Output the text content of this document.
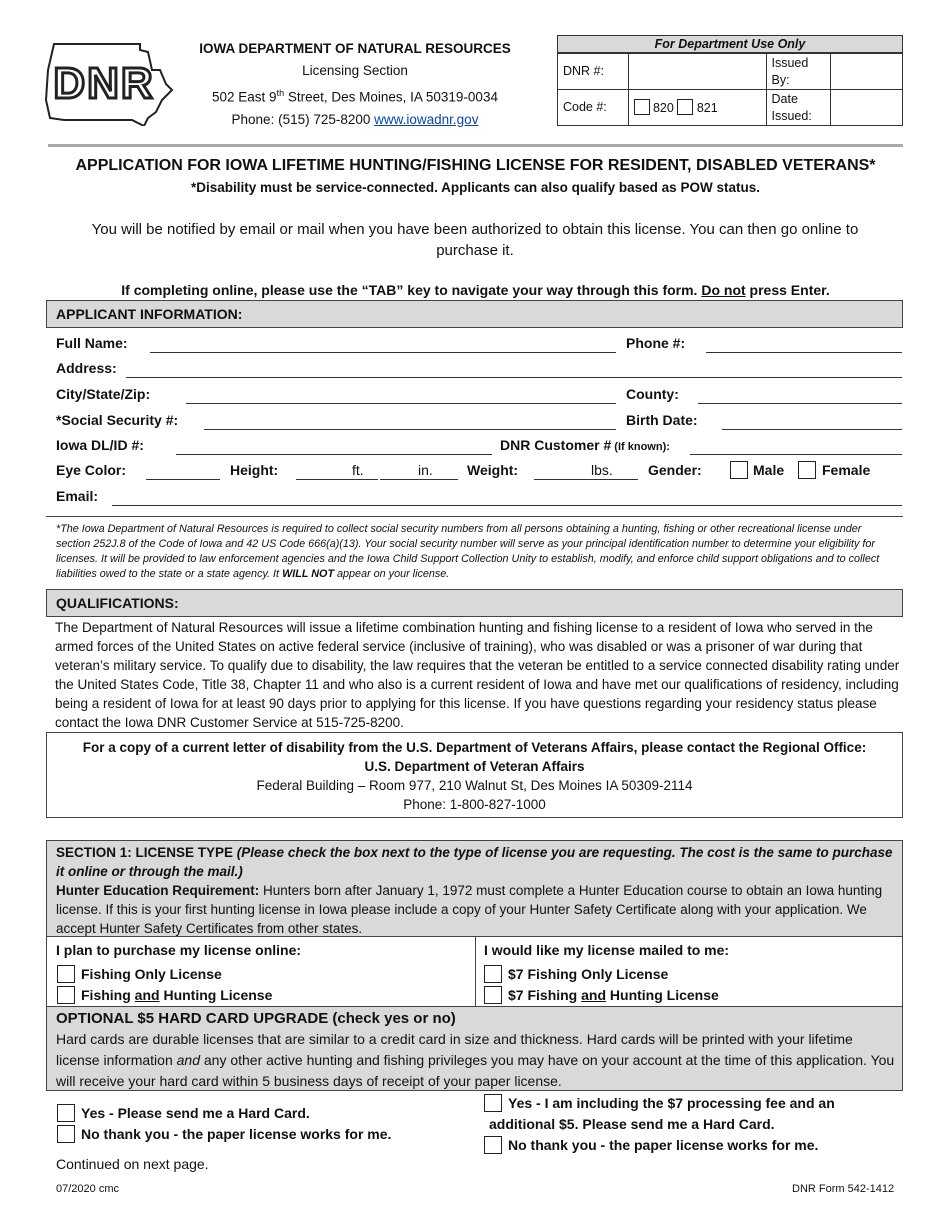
DNR
IOWA DEPARTMENT OF NATURAL RESOURCES
Licensing Section
502 East 9th Street, Des Moines, IA 50319-0034
Phone: (515) 725-8200 www.iowadnr.gov
For Department Use Only
DNR #:		Issued By:	
Code #:	820 821	Date Issued:	
APPLICATION FOR IOWA LIFETIME HUNTING/FISHING LICENSE FOR RESIDENT, DISABLED VETERANS*
*Disability must be service-connected. Applicants can also qualify based as POW status.
You will be notified by email or mail when you have been authorized to obtain this license. You can then go online to purchase it.
If completing online, please use the “TAB” key to navigate your way through this form. Do not press Enter.
APPLICANT INFORMATION:
Full Name:	Phone #:
Address:
City/State/Zip:	County:
*Social Security #:	Birth Date:
Iowa DL/ID #:	DNR Customer # (If known):
Eye Color:	Height:	ft.	in. Weight:	lbs.	Gender:	Male	Female
Email:
*The Iowa Department of Natural Resources is required to collect social security numbers from all persons obtaining a hunting, fishing or other recreational license under section 252J.8 of the Code of Iowa and 42 US Code 666(a)(13). Your social security number will serve as your principal identification number to determine your eligibility for licenses. It will be provided to law enforcement agencies and the Iowa Child Support Collection Unity to establish, modify, and enforce child support obligations and to collect liabilities owed to the state or a state agency. It WILL NOT appear on your license.
QUALIFICATIONS:
The Department of Natural Resources will issue a lifetime combination hunting and fishing license to a resident of Iowa who served in the armed forces of the United States on active federal service (inclusive of training), who was disabled or was a prisoner of war during that veteran’s military service. To qualify due to disability, the law requires that the veteran be entitled to a service connected disability rating under the United States Code, Title 38, Chapter 11 and who also is a current resident of Iowa and have met our qualifications of residency, including being a resident of Iowa for at least 90 days prior to applying for this license. If you have questions regarding your residency status please contact the Iowa DNR Customer Service at 515-725-8200.
For a copy of a current letter of disability from the U.S. Department of Veterans Affairs, please contact the Regional Office:
U.S. Department of Veteran Affairs
Federal Building – Room 977, 210 Walnut St, Des Moines IA 50309-2114
Phone: 1-800-827-1000
SECTION 1: LICENSE TYPE (Please check the box next to the type of license you are requesting. The cost is the same to purchase it online or through the mail.)
Hunter Education Requirement: Hunters born after January 1, 1972 must complete a Hunter Education course to obtain an Iowa hunting license. If this is your first hunting license in Iowa please include a copy of your Hunter Safety Certificate along with your application. We accept Hunter Safety Certificates from other states.
I plan to purchase my license online:
Fishing Only License
Fishing and Hunting License
I would like my license mailed to me:
$7 Fishing Only License
$7 Fishing and Hunting License
OPTIONAL $5 HARD CARD UPGRADE (check yes or no)
Hard cards are durable licenses that are similar to a credit card in size and thickness. Hard cards will be printed with your lifetime license information and any other active hunting and fishing privileges you may have on your account at the time of this application. You will receive your hard card within 5 business days of receipt of your paper license.
Yes - Please send me a Hard Card.
No thank you - the paper license works for me.
Yes - I am including the $7 processing fee and an
additional $5. Please send me a Hard Card.
No thank you - the paper license works for me.
Continued on next page.
07/2020 cmc	DNR Form 542-1412
